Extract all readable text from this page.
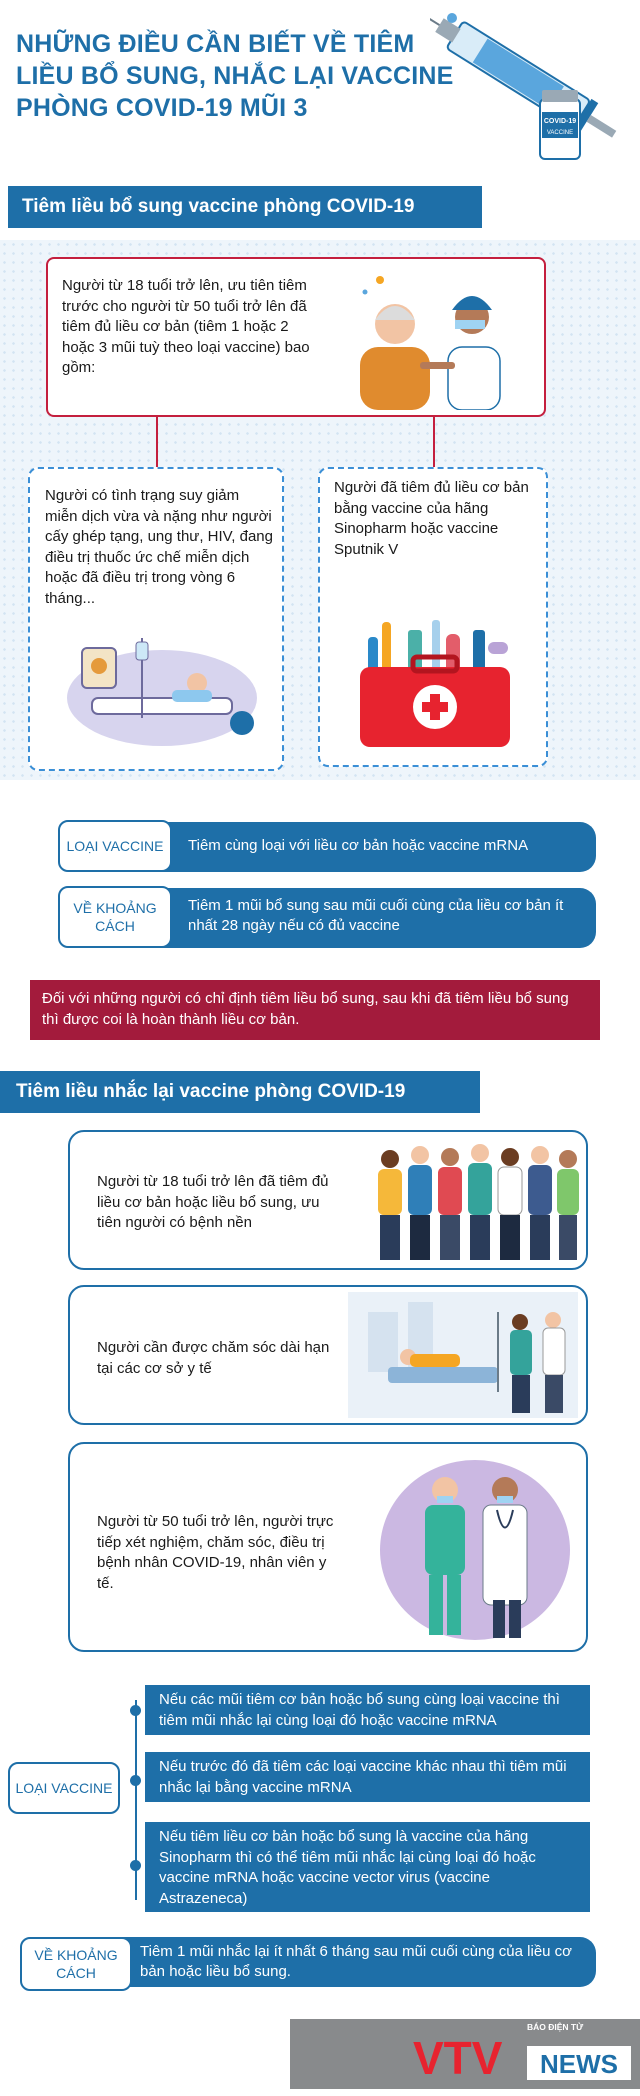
NHỮNG ĐIỀU CẦN BIẾT VỀ TIÊM LIỀU BỔ SUNG, NHẮC LẠI VACCINE PHÒNG COVID-19 MŨI 3	COVID-19
VACCINE
Tiêm liều bổ sung vaccine phòng COVID-19
Người từ 18 tuổi trở lên, ưu tiên tiêm trước cho người từ 50 tuổi trở lên đã tiêm đủ liều cơ bản (tiêm 1 hoặc 2 hoặc 3 mũi tuỳ theo loại vaccine) bao gồm:
Người có tình trạng suy giảm miễn dịch vừa và nặng như người cấy ghép tạng, ung thư, HIV, đang điều trị thuốc ức chế miễn dịch hoặc đã điều trị trong vòng 6 tháng...
Người đã tiêm đủ liều cơ bản bằng vaccine của hãng Sinopharm hoặc vaccine Sputnik V
Tiêm cùng loại với liều cơ bản hoặc vaccine mRNA
LOẠI VACCINE
Tiêm 1 mũi bổ sung sau mũi cuối cùng của liều cơ bản ít nhất 28 ngày nếu có đủ vaccine
VỀ KHOẢNG CÁCH
Đối với những người có chỉ định tiêm liều bổ sung, sau khi đã tiêm liều bổ sung thì được coi là hoàn thành liều cơ bản.
Tiêm liều nhắc lại vaccine phòng COVID-19
Người từ 18 tuổi trở lên đã tiêm đủ liều cơ bản hoặc liều bổ sung, ưu tiên người có bệnh nền
Người cần được chăm sóc dài hạn tại các cơ sở y tế
Người từ 50 tuổi trở lên, người trực tiếp xét nghiệm, chăm sóc, điều trị bệnh nhân COVID-19, nhân viên y tế.
Nếu các mũi tiêm cơ bản hoặc bổ sung cùng loại vaccine thì tiêm mũi nhắc lại cùng loại đó hoặc vaccine mRNA
Nếu trước đó đã tiêm các loại vaccine khác nhau thì tiêm mũi nhắc lại bằng vaccine mRNA
Nếu tiêm liều cơ bản hoặc bổ sung là vaccine của hãng Sinopharm thì có thể tiêm mũi nhắc lại cùng loại đó hoặc vaccine mRNA hoặc vaccine vector virus (vaccine Astrazeneca)
LOẠI VACCINE
Tiêm 1 mũi nhắc lại ít nhất 6 tháng sau mũi cuối cùng của liều cơ bản hoặc liều bổ sung.
VỀ KHOẢNG CÁCH
VTV NEWS
BÁO ĐIỆN TỬ
